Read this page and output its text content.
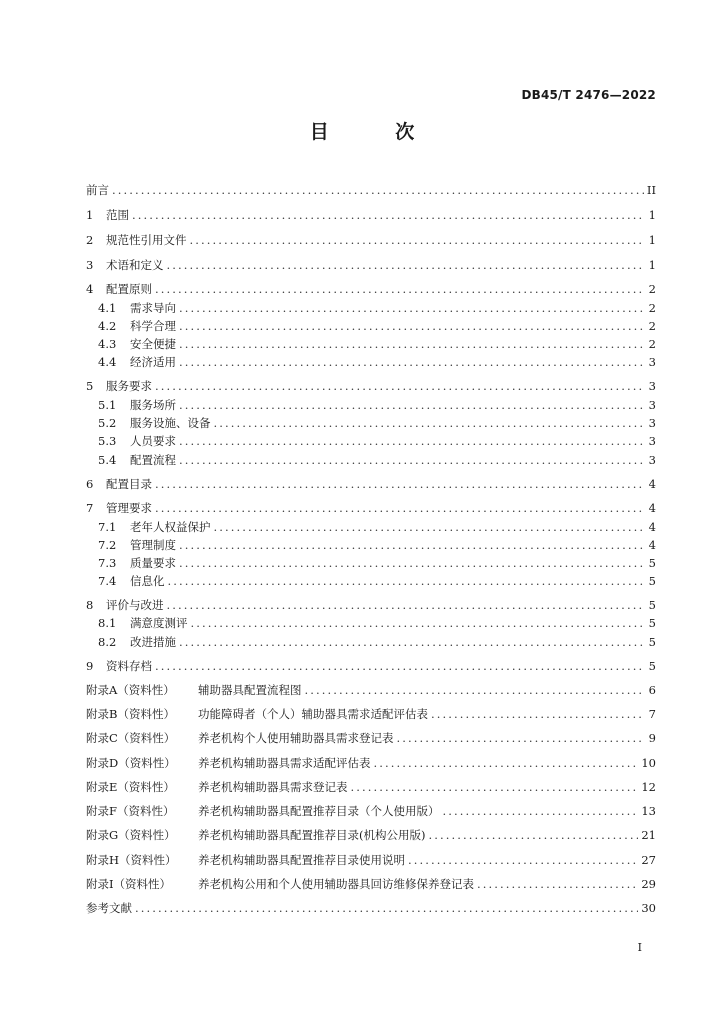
DB45/T 2476—2022
目 次
前言 .....	II
1	范围 .....	1
2	规范性引用文件 .....	1
3	术语和定义 .....	1
4	配置原则 .....	2
4.1	需求导向 .....	2
4.2	科学合理 .....	2
4.3	安全便捷 .....	2
4.4	经济适用 .....	3
5	服务要求 .....	3
5.1	服务场所 .....	3
5.2	服务设施、设备 .....	3
5.3	人员要求 .....	3
5.4	配置流程 .....	3
6	配置目录 .....	4
7	管理要求 .....	4
7.1	老年人权益保护 .....	4
7.2	管理制度 .....	4
7.3	质量要求 .....	5
7.4	信息化 .....	5
8	评价与改进 .....	5
8.1	满意度测评 .....	5
8.2	改进措施 .....	5
9	资料存档 .....	5
附录A（资料性）	辅助器具配置流程图 .....	6
附录B（资料性）	功能障碍者（个人）辅助器具需求适配评估表 .....	7
附录C（资料性）	养老机构个人使用辅助器具需求登记表 .....	9
附录D（资料性）	养老机构辅助器具需求适配评估表 .....	10
附录E（资料性）	养老机构辅助器具需求登记表 .....	12
附录F（资料性）	养老机构辅助器具配置推荐目录（个人使用版） .....	13
附录G（资料性）	养老机构辅助器具配置推荐目录(机构公用版) .....	21
附录H（资料性）	养老机构辅助器具配置推荐目录使用说明 .....	27
附录I（资料性）	养老机构公用和个人使用辅助器具回访维修保养登记表 .....	29
参考文献 .....	30
I
